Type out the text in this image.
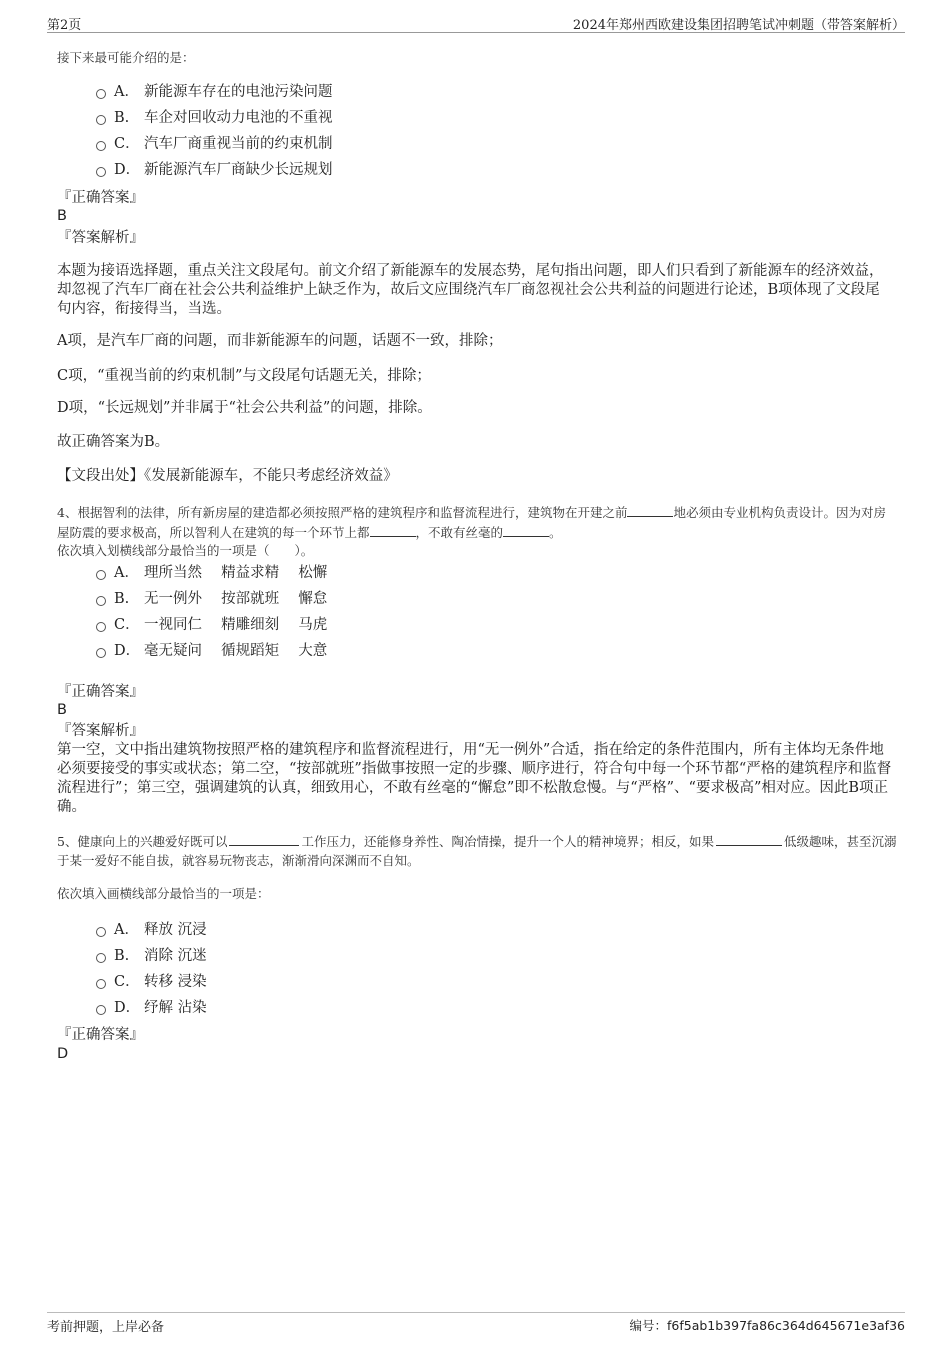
第2页	2024年郑州西欧建设集团招聘笔试冲刺题（带答案解析）
接下来最可能介绍的是：
A． 新能源车存在的电池污染问题
B. 车企对回收动力电池的不重视
C． 汽车厂商重视当前的约束机制
D． 新能源汽车厂商缺少长远规划
『正确答案』
B
『答案解析』
本题为接语选择题，重点关注文段尾句。前文介绍了新能源车的发展态势，尾句指出问题，即人们只看到了新能源车的经济效益，却忽视了汽车厂商在社会公共利益维护上缺乏作为，故后文应围绕汽车厂商忽视社会公共利益的问题进行论述，B项体现了文段尾句内容，衔接得当，当选。
A项，是汽车厂商的问题，而非新能源车的问题，话题不一致，排除；
C项，“重视当前的约束机制”与文段尾句话题无关，排除；
D项，“长远规划”并非属于“社会公共利益”的问题，排除。
故正确答案为B。
【文段出处】《发展新能源车，不能只考虑经济效益》
4、根据智利的法律，所有新房屋的建造都必须按照严格的建筑程序和监督流程进行，建筑物在开建之前	地必须由专业机构负责设计。因为对房屋防震的要求极高，所以智利人在建筑的每一个环节上都	，不敢有丝毫的	。
依次填入划横线部分最恰当的一项是（　　）。
A． 理所当然　 精益求精　 松懈
B. 无一例外　 按部就班　 懈怠
C． 一视同仁　 精雕细刻　 马虎
D． 毫无疑问　 循规蹈矩　 大意
『正确答案』
B
『答案解析』
第一空，文中指出建筑物按照严格的建筑程序和监督流程进行，用“无一例外”合适，指在给定的条件范围内，所有主体均无条件地必须要接受的事实或状态；第二空，“按部就班”指做事按照一定的步骤、顺序进行，符合句中每一个环节都“严格的建筑程序和监督流程进行”；第三空，强调建筑的认真，细致用心，不敢有丝毫的“懈怠”即不松散怠慢。与“严格”、“要求极高”相对应。因此B项正确。
5、健康向上的兴趣爱好既可以	工作压力，还能修身养性、陶冶情操，提升一个人的精神境界；相反，如果	低级趣味，甚至沉溺于某一爱好不能自拔，就容易玩物丧志，渐渐滑向深渊而不自知。
依次填入画横线部分最恰当的一项是：
A． 释放 沉浸
B. 消除 沉迷
C． 转移 浸染
D． 纾解 沾染
『正确答案』
D
考前押题，上岸必备	编号：f6f5ab1b397fa86c364d645671e3af36
